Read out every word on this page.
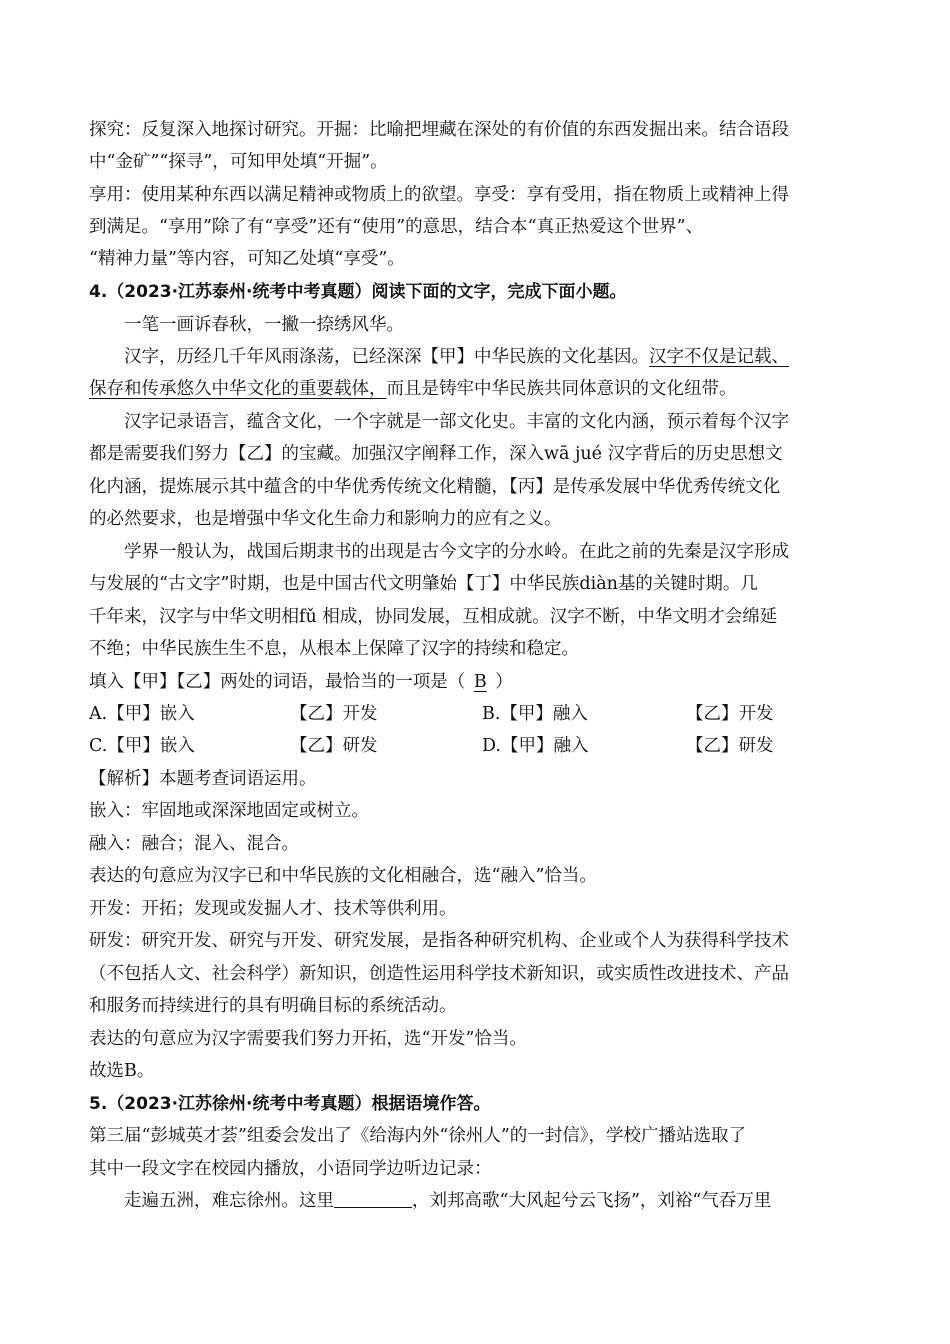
探究：反复深入地探讨研究。开掘：比喻把埋藏在深处的有价值的东西发掘出来。结合语段
中“金矿”“探寻”，可知甲处填“开掘”。
享用：使用某种东西以满足精神或物质上的欲望。享受：享有受用，指在物质上或精神上得
到满足。“享用”除了有“享受”还有“使用”的意思，结合本“真正热爱这个世界”、
“精神力量”等内容，可知乙处填“享受”。
4.（2023·江苏泰州·统考中考真题）阅读下面的文字，完成下面小题。
一笔一画诉春秋，一撇一捺绣风华。
汉字，历经几千年风雨涤荡，已经深深【甲】中华民族的文化基因。汉字不仅是记载、
保存和传承悠久中华文化的重要载体，而且是铸牢中华民族共同体意识的文化纽带。
汉字记录语言，蕴含文化，一个字就是一部文化史。丰富的文化内涵，预示着每个汉字
都是需要我们努力【乙】的宝藏。加强汉字阐释工作，深入wā jué 汉字背后的历史思想文
化内涵，提炼展示其中蕴含的中华优秀传统文化精髓，【丙】是传承发展中华优秀传统文化
的必然要求，也是增强中华文化生命力和影响力的应有之义。
学界一般认为，战国后期隶书的出现是古今文字的分水岭。在此之前的先秦是汉字形成
与发展的“古文字”时期，也是中国古代文明肇始【丁】中华民族diàn基的关键时期。几
千年来，汉字与中华文明相fǔ 相成，协同发展，互相成就。汉字不断，中华文明才会绵延
不绝；中华民族生生不息，从根本上保障了汉字的持续和稳定。
填入【甲】【乙】两处的词语，最恰当的一项是（ B ）
A.【甲】嵌入	【乙】开发	B.【甲】融入	【乙】开发
C.【甲】嵌入	【乙】研发	D.【甲】融入	【乙】研发
【解析】本题考查词语运用。
嵌入：牢固地或深深地固定或树立。
融入：融合；混入、混合。
表达的句意应为汉字已和中华民族的文化相融合，选“融入”恰当。
开发：开拓；发现或发掘人才、技术等供利用。
研发：研究开发、研究与开发、研究发展，是指各种研究机构、企业或个人为获得科学技术
（不包括人文、社会科学）新知识，创造性运用科学技术新知识，或实质性改进技术、产品
和服务而持续进行的具有明确目标的系统活动。
表达的句意应为汉字需要我们努力开拓，选“开发”恰当。
故选B。
5.（2023·江苏徐州·统考中考真题）根据语境作答。
第三届“彭城英才荟”组委会发出了《给海内外“徐州人”的一封信》，学校广播站选取了
其中一段文字在校园内播放，小语同学边听边记录：
走遍五洲，难忘徐州。这里	，刘邦高歌“大风起兮云飞扬”，刘裕“气吞万里
